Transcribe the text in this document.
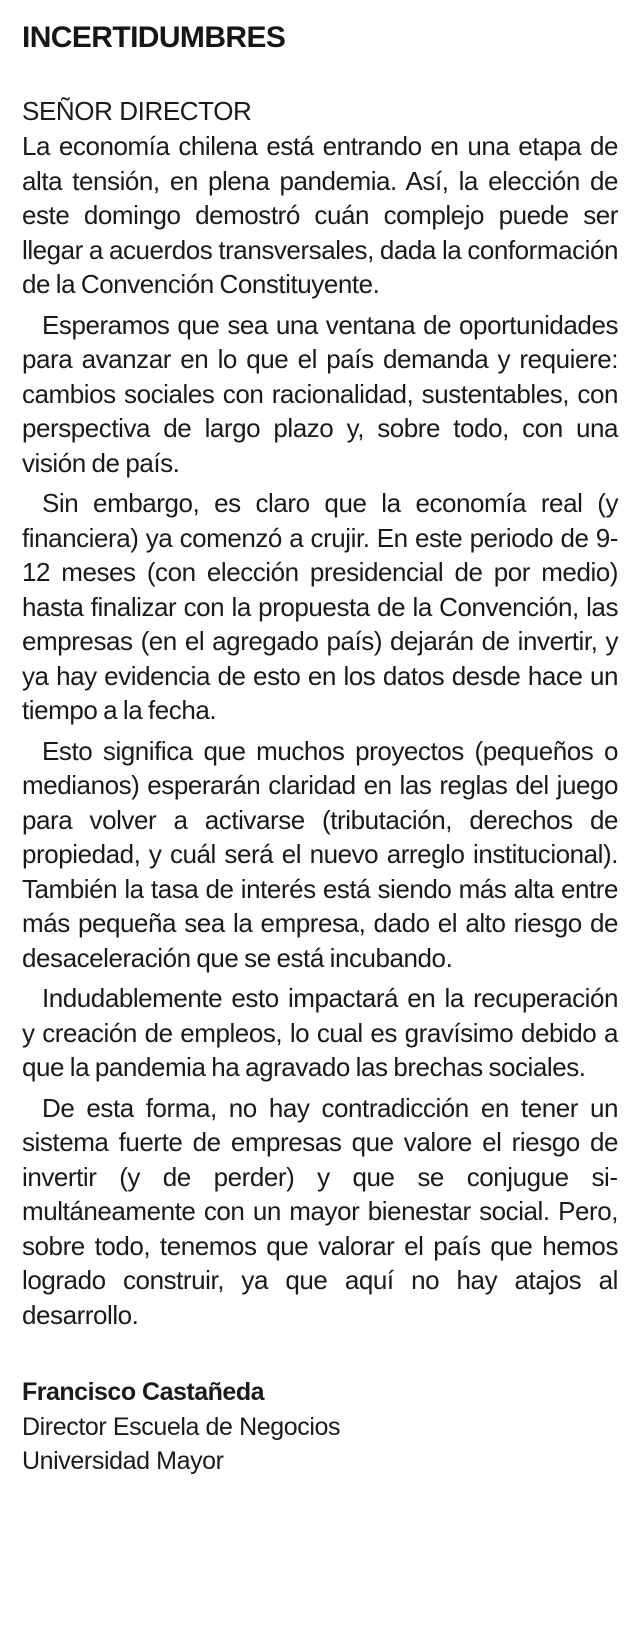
INCERTIDUMBRES

SEÑOR DIRECTOR

La economía chilena está entrando en una etapa de alta tensión, en plena pandemia. Así, la elección de este domingo demostró cuán complejo puede ser llegar a acuerdos transversales, dada la conformación de la Convención Constituyente.

Esperamos que sea una ventana de oportunidades para avanzar en lo que el país demanda y requiere: cambios sociales con racionalidad, sustentables, con perspectiva de largo plazo y, sobre todo, con una visión de país.

Sin embargo, es claro que la economía real (y financiera) ya comenzó a crujir. En este periodo de 9-12 meses (con elección presidencial de por medio) hasta finalizar con la propuesta de la Convención, las empresas (en el agregado país) dejarán de invertir, y ya hay evidencia de esto en los datos desde hace un tiempo a la fecha.

Esto significa que muchos proyectos (pequeños o medianos) esperarán claridad en las reglas del juego para volver a activarse (tributación, derechos de propiedad, y cuál será el nuevo arreglo institucional). También la tasa de interés está siendo más alta entre más pequeña sea la empresa, dado el alto riesgo de desaceleración que se está incubando.

Indudablemente esto impactará en la recuperación y creación de empleos, lo cual es gravísimo debido a que la pandemia ha agravado las brechas sociales.

De esta forma, no hay contradicción en tener un sistema fuerte de empresas que valore el riesgo de invertir (y de perder) y que se conjugue simultáneamente con un mayor bienestar social. Pero, sobre todo, tenemos que valorar el país que hemos logrado construir, ya que aquí no hay atajos al desarrollo.

Francisco Castañeda

Director Escuela de Negocios

Universidad Mayor
